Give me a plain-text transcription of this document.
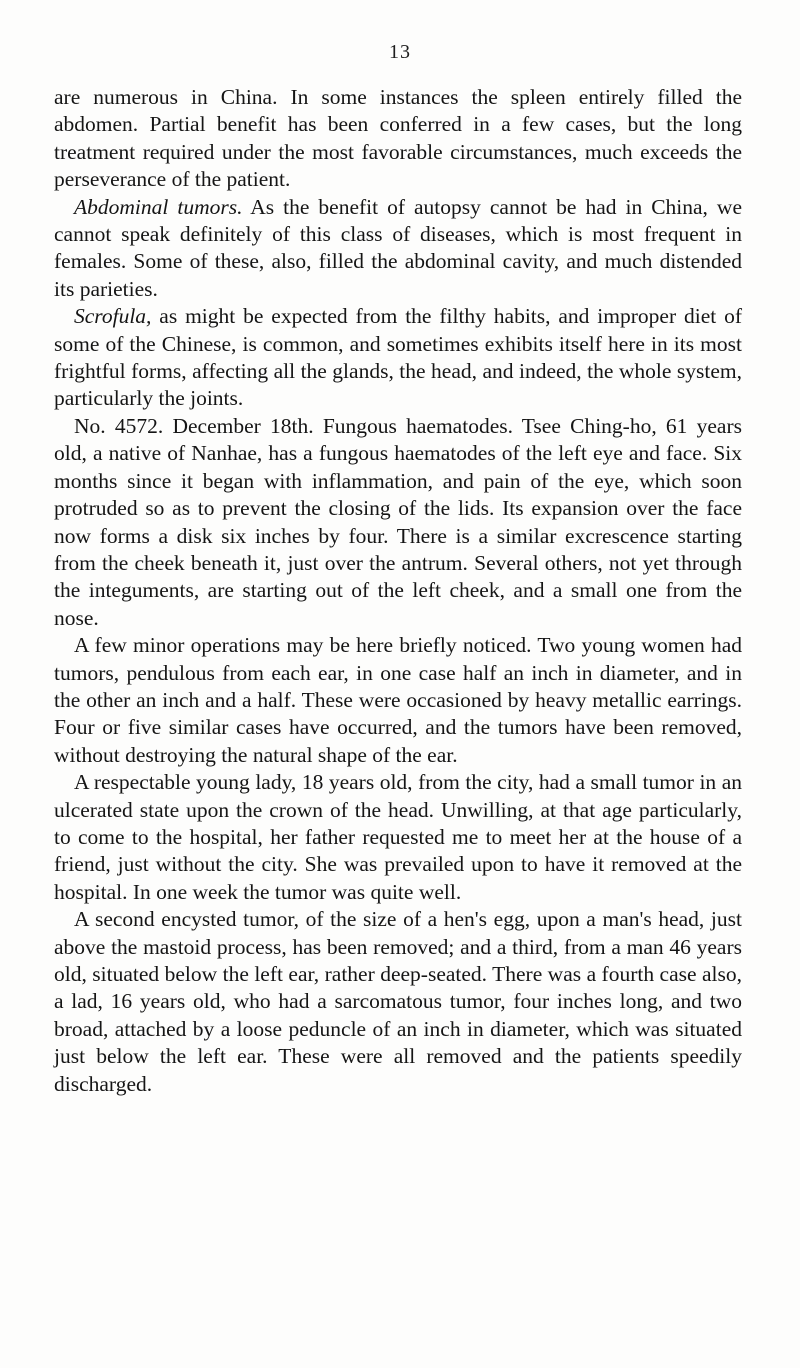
13

are numerous in China. In some instances the spleen entirely filled the abdomen. Partial benefit has been conferred in a few cases, but the long treatment required under the most favorable circumstances, much exceeds the perseverance of the patient.

Abdominal tumors. As the benefit of autopsy cannot be had in China, we cannot speak definitely of this class of diseases, which is most frequent in females. Some of these, also, filled the abdominal cavity, and much distended its parieties.

Scrofula, as might be expected from the filthy habits, and improper diet of some of the Chinese, is common, and sometimes exhibits itself here in its most frightful forms, affecting all the glands, the head, and indeed, the whole system, particularly the joints.

No. 4572. December 18th. Fungous haematodes. Tsee Ching-ho, 61 years old, a native of Nanhae, has a fungous haematodes of the left eye and face. Six months since it began with inflammation, and pain of the eye, which soon protruded so as to prevent the closing of the lids. Its expansion over the face now forms a disk six inches by four. There is a similar excrescence starting from the cheek beneath it, just over the antrum. Several others, not yet through the integuments, are starting out of the left cheek, and a small one from the nose.

A few minor operations may be here briefly noticed. Two young women had tumors, pendulous from each ear, in one case half an inch in diameter, and in the other an inch and a half. These were occasioned by heavy metallic earrings. Four or five similar cases have occurred, and the tumors have been removed, without destroying the natural shape of the ear.

A respectable young lady, 18 years old, from the city, had a small tumor in an ulcerated state upon the crown of the head. Unwilling, at that age particularly, to come to the hospital, her father requested me to meet her at the house of a friend, just without the city. She was prevailed upon to have it removed at the hospital. In one week the tumor was quite well.

A second encysted tumor, of the size of a hen's egg, upon a man's head, just above the mastoid process, has been removed; and a third, from a man 46 years old, situated below the left ear, rather deep-seated. There was a fourth case also, a lad, 16 years old, who had a sarcomatous tumor, four inches long, and two broad, attached by a loose peduncle of an inch in diameter, which was situated just below the left ear. These were all removed and the patients speedily discharged.
